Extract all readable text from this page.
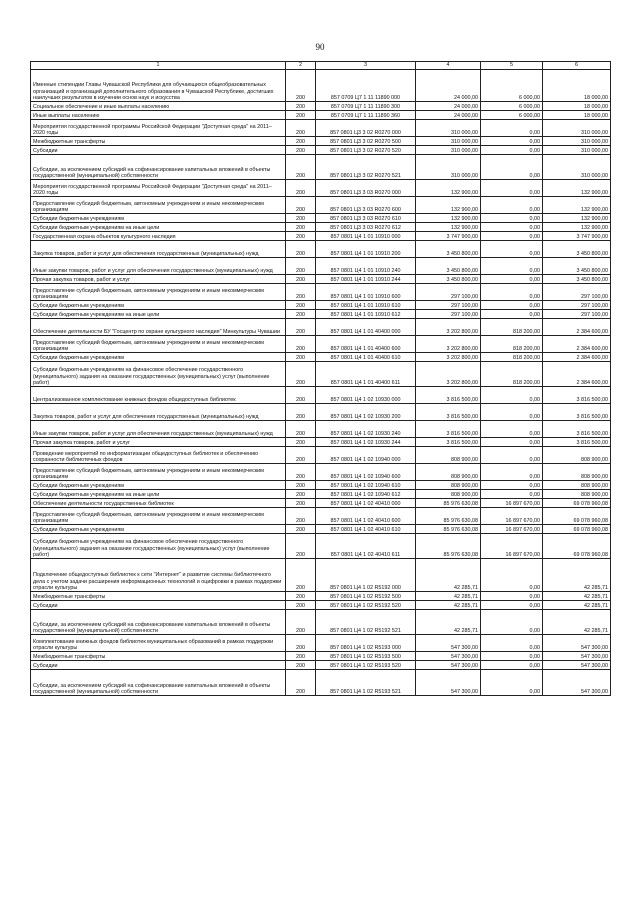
90
1	2	3	4	5	6
Именные стипендии Главы Чувашской Республики для обучающихся общеобразовательных организаций и организаций дополнительного образования в Чувашской Республике, достигших наилучших результатов в изучении основ наук и искусства	200	857 0709 Ц7 1 11 11890 000	24 000,00	6 000,00	18 000,00
Социальное обеспечение и иные выплаты населению	200	857 0709 Ц7 1 11 11890 300	24 000,00	6 000,00	18 000,00
Иные выплаты населению	200	857 0709 Ц7 1 11 11890 360	24 000,00	6 000,00	18 000,00
Мероприятия государственной программы Российской Федерации "Доступная среда" на 2011–2020 годы	200	857 0801 Ц3 3 02 R0270 000	310 000,00	0,00	310 000,00
Межбюджетные трансферты	200	857 0801 Ц3 3 02 R0270 500	310 000,00	0,00	310 000,00
Субсидии	200	857 0801 Ц3 3 02 R0270 520	310 000,00	0,00	310 000,00
Субсидии, за исключением субсидий на софинансирование капитальных вложений в объекты государственной (муниципальной) собственности	200	857 0801 Ц3 3 02 R0270 521	310 000,00	0,00	310 000,00
Мероприятия государственной программы Российской Федерации "Доступная среда" на 2011–2020 годы	200	857 0801 Ц3 3 03 R0270 000	132 900,00	0,00	132 900,00
Предоставление субсидий бюджетным, автономным учреждениям и иным некоммерческим организациям	200	857 0801 Ц3 3 03 R0270 600	132 900,00	0,00	132 900,00
Субсидии бюджетным учреждениям	200	857 0801 Ц3 3 03 R0270 610	132 900,00	0,00	132 900,00
Субсидии бюджетным учреждениям на иные цели	200	857 0801 Ц3 3 03 R0270 612	132 900,00	0,00	132 900,00
Государственная охрана объектов культурного наследия	200	857 0801 Ц4 1 01 10910 000	3 747 900,00	0,00	3 747 900,00
Закупка товаров, работ и услуг для обеспечения государственных (муниципальных) нужд	200	857 0801 Ц4 1 01 10910 200	3 450 800,00	0,00	3 450 800,00
Иные закупки товаров, работ и услуг для обеспечения государственных (муниципальных) нужд	200	857 0801 Ц4 1 01 10910 240	3 450 800,00	0,00	3 450 800,00
Прочая закупка товаров, работ и услуг	200	857 0801 Ц4 1 01 10910 244	3 450 800,00	0,00	3 450 800,00
Предоставление субсидий бюджетным, автономным учреждениям и иным некоммерческим организациям	200	857 0801 Ц4 1 01 10910 600	297 100,00	0,00	297 100,00
Субсидии бюджетным учреждениям	200	857 0801 Ц4 1 01 10910 610	297 100,00	0,00	297 100,00
Субсидии бюджетным учреждениям на иные цели	200	857 0801 Ц4 1 01 10910 612	297 100,00	0,00	297 100,00
Обеспечение деятельности БУ "Госцентр по охране культурного наследия" Минкультуры Чувашии	200	857 0801 Ц4 1 01 40400 000	3 202 800,00	818 200,00	2 384 600,00
Предоставление субсидий бюджетным, автономным учреждениям и иным некоммерческим организациям	200	857 0801 Ц4 1 01 40400 600	3 202 800,00	818 200,00	2 384 600,00
Субсидии бюджетным учреждениям	200	857 0801 Ц4 1 01 40400 610	3 202 800,00	818 200,00	2 384 600,00
Субсидии бюджетным учреждениям на финансовое обеспечение государственного (муниципального) задания на оказание государственных (муниципальных) услуг (выполнение работ)	200	857 0801 Ц4 1 01 40400 611	3 202 800,00	818 200,00	2 384 600,00
Централизованное комплектование книжных фондов общедоступных библиотек	200	857 0801 Ц4 1 02 10930 000	3 816 500,00	0,00	3 816 500,00
Закупка товаров, работ и услуг для обеспечения государственных (муниципальных) нужд	200	857 0801 Ц4 1 02 10930 200	3 816 500,00	0,00	3 816 500,00
Иные закупки товаров, работ и услуг для обеспечения государственных (муниципальных) нужд	200	857 0801 Ц4 1 02 10930 240	3 816 500,00	0,00	3 816 500,00
Прочая закупка товаров, работ и услуг	200	857 0801 Ц4 1 02 10930 244	3 816 500,00	0,00	3 816 500,00
Проведение мероприятий по информатизации общедоступных библиотек и обеспечению сохранности библиотечных фондов	200	857 0801 Ц4 1 02 10940 000	808 900,00	0,00	808 900,00
Предоставление субсидий бюджетным, автономным учреждениям и иным некоммерческим организациям	200	857 0801 Ц4 1 02 10940 600	808 900,00	0,00	808 900,00
Субсидии бюджетным учреждениям	200	857 0801 Ц4 1 02 10940 610	808 900,00	0,00	808 900,00
Субсидии бюджетным учреждениям на иные цели	200	857 0801 Ц4 1 02 10940 612	808 900,00	0,00	808 900,00
Обеспечение деятельности государственных библиотек	200	857 0801 Ц4 1 02 40410 000	85 976 630,08	16 897 670,00	69 078 960,08
Предоставление субсидий бюджетным, автономным учреждениям и иным некоммерческим организациям	200	857 0801 Ц4 1 02 40410 600	85 976 630,08	16 897 670,00	69 078 960,08
Субсидии бюджетным учреждениям	200	857 0801 Ц4 1 02 40410 610	85 976 630,08	16 897 670,00	69 078 960,08
Субсидии бюджетным учреждениям на финансовое обеспечение государственного (муниципального) задания на оказание государственных (муниципальных) услуг (выполнение работ)	200	857 0801 Ц4 1 02 40410 611	85 976 630,08	16 897 670,00	69 078 960,08
Подключение общедоступных библиотек к сети "Интернет" и развитие системы библиотечного дела с учетом задачи расширения информационных технологий и оцифровки в рамках поддержки отрасли культуры	200	857 0801 Ц4 1 02 R5192 000	42 285,71	0,00	42 285,71
Межбюджетные трансферты	200	857 0801 Ц4 1 02 R5192 500	42 285,71	0,00	42 285,71
Субсидии	200	857 0801 Ц4 1 02 R5192 520	42 285,71	0,00	42 285,71
Субсидии, за исключением субсидий на софинансирование капитальных вложений в объекты государственной (муниципальной) собственности	200	857 0801 Ц4 1 02 R5192 521	42 285,71	0,00	42 285,71
Комплектование книжных фондов библиотек муниципальных образований в рамках поддержки отрасли культуры	200	857 0801 Ц4 1 02 R5193 000	547 300,00	0,00	547 300,00
Межбюджетные трансферты	200	857 0801 Ц4 1 02 R5193 500	547 300,00	0,00	547 300,00
Субсидии	200	857 0801 Ц4 1 02 R5193 520	547 300,00	0,00	547 300,00
Субсидии, за исключением субсидий на софинансирование капитальных вложений в объекты государственной (муниципальной) собственности	200	857 0801 Ц4 1 02 R5193 521	547 300,00	0,00	547 300,00
